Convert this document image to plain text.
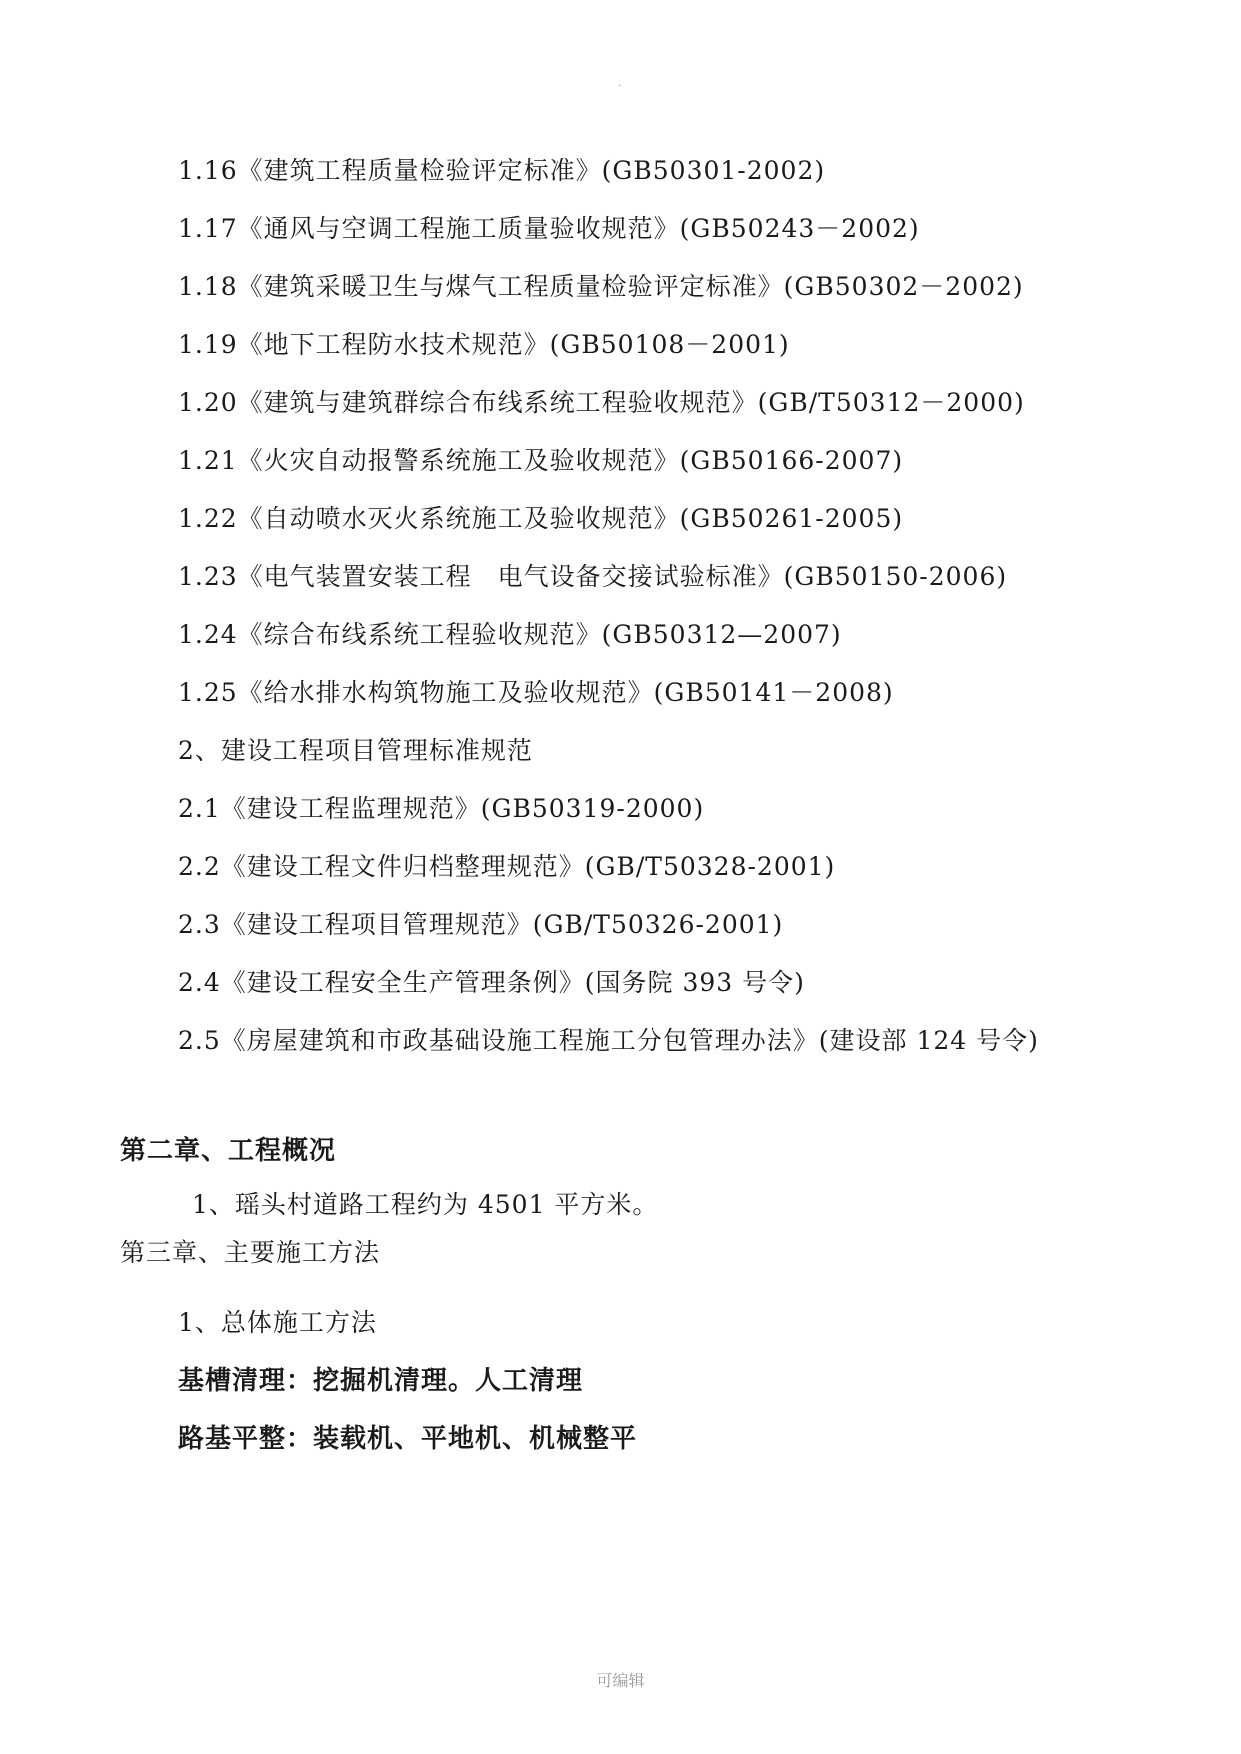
.
1.16《建筑工程质量检验评定标准》(GB50301-2002)
1.17《通风与空调工程施工质量验收规范》(GB50243－2002)
1.18《建筑采暖卫生与煤气工程质量检验评定标准》(GB50302－2002)
1.19《地下工程防水技术规范》(GB50108－2001)
1.20《建筑与建筑群综合布线系统工程验收规范》(GB/T50312－2000)
1.21《火灾自动报警系统施工及验收规范》(GB50166-2007)
1.22《自动喷水灭火系统施工及验收规范》(GB50261-2005)
1.23《电气装置安装工程　电气设备交接试验标准》(GB50150-2006)
1.24《综合布线系统工程验收规范》(GB50312—2007)
1.25《给水排水构筑物施工及验收规范》(GB50141－2008)
2、建设工程项目管理标准规范
2.1《建设工程监理规范》(GB50319-2000)
2.2《建设工程文件归档整理规范》(GB/T50328-2001)
2.3《建设工程项目管理规范》(GB/T50326-2001)
2.4《建设工程安全生产管理条例》(国务院 393 号令)
2.5《房屋建筑和市政基础设施工程施工分包管理办法》(建设部 124 号令)
第二章、工程概况
1、瑶头村道路工程约为 4501 平方米。
第三章、主要施工方法
1、总体施工方法
基槽清理：挖掘机清理。人工清理
路基平整：装载机、平地机、机械整平
可编辑
